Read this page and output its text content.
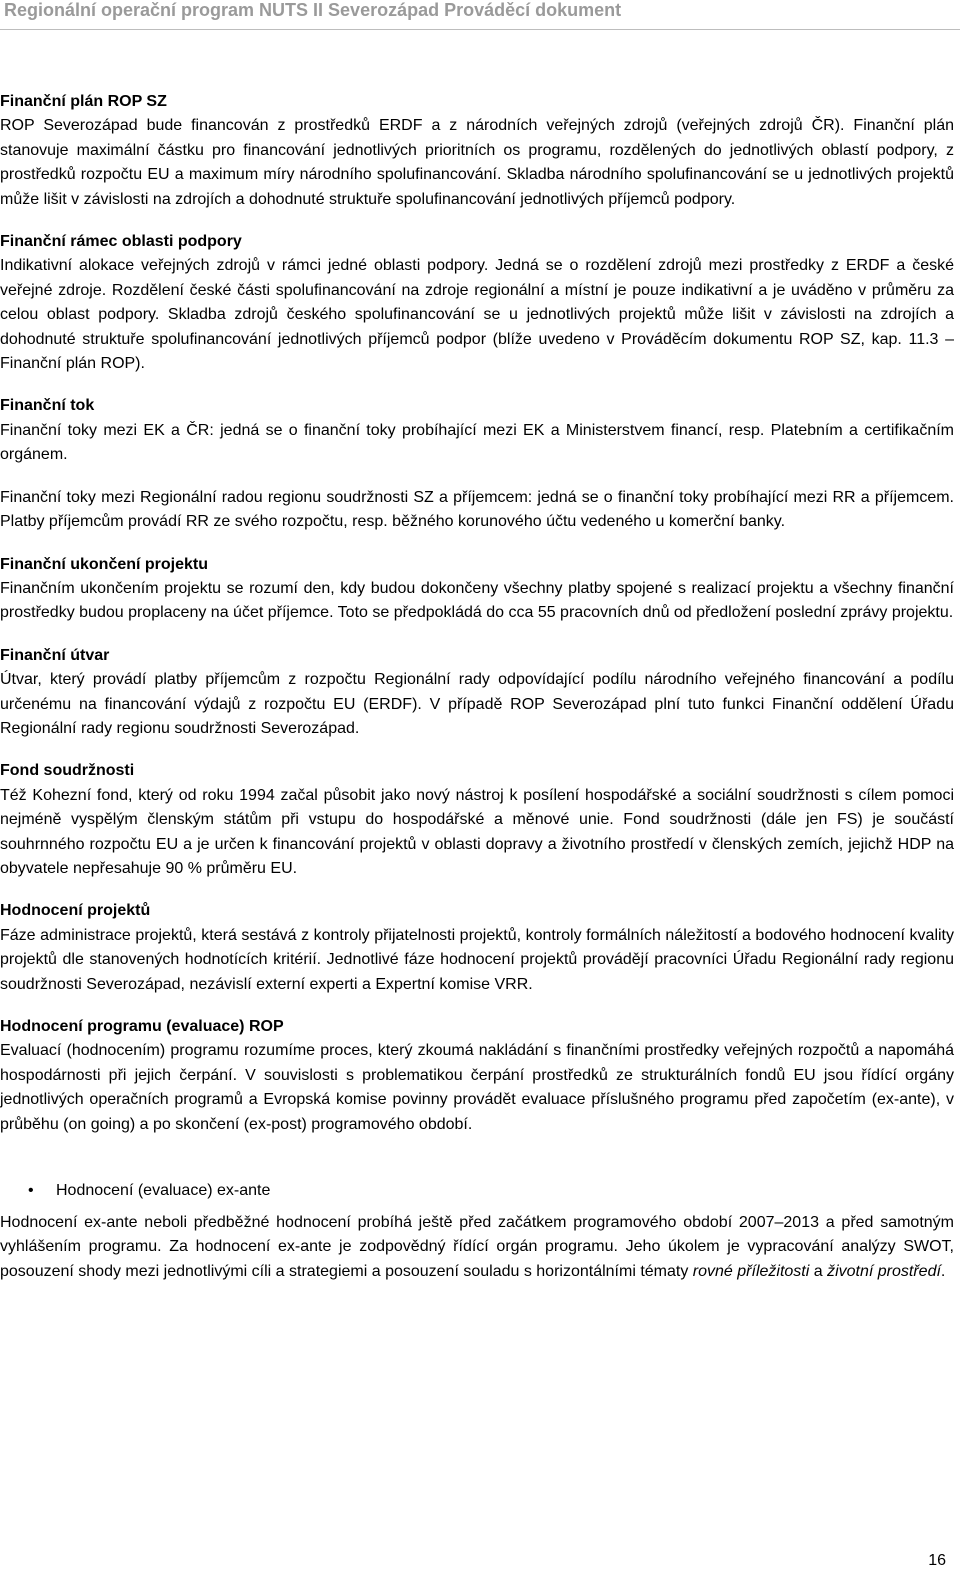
Regionální operační program NUTS II Severozápad Prováděcí dokument
Finanční plán ROP SZ
ROP Severozápad bude financován z prostředků ERDF a z národních veřejných zdrojů (veřejných zdrojů ČR). Finanční plán stanovuje maximální částku pro financování jednotlivých prioritních os programu, rozdělených do jednotlivých oblastí podpory, z prostředků rozpočtu EU a maximum míry národního spolufinancování. Skladba národního spolufinancování se u jednotlivých projektů může lišit v závislosti na zdrojích a dohodnuté struktuře spolufinancování jednotlivých příjemců podpory.
Finanční rámec oblasti podpory
Indikativní alokace veřejných zdrojů v rámci jedné oblasti podpory. Jedná se o rozdělení zdrojů mezi prostředky z ERDF a české veřejné zdroje. Rozdělení české části spolufinancování na zdroje regionální a místní je pouze indikativní a je uváděno v průměru za celou oblast podpory. Skladba zdrojů českého spolufinancování se u jednotlivých projektů může lišit v závislosti na zdrojích a dohodnuté struktuře spolufinancování jednotlivých příjemců podpor (blíže uvedeno v Prováděcím dokumentu ROP SZ, kap. 11.3 – Finanční plán ROP).
Finanční tok
Finanční toky mezi EK a ČR: jedná se o finanční toky probíhající mezi EK a Ministerstvem financí, resp. Platebním a certifikačním orgánem.
Finanční toky mezi Regionální radou regionu soudržnosti SZ a příjemcem: jedná se o finanční toky probíhající mezi RR a příjemcem. Platby příjemcům provádí RR ze svého rozpočtu, resp. běžného korunového účtu vedeného u komerční banky.
Finanční ukončení projektu
Finančním ukončením projektu se rozumí den, kdy budou dokončeny všechny platby spojené s realizací projektu a všechny finanční prostředky budou proplaceny na účet příjemce. Toto se předpokládá do cca 55 pracovních dnů od předložení poslední zprávy projektu.
Finanční útvar
Útvar, který provádí platby příjemcům z rozpočtu Regionální rady odpovídající podílu národního veřejného financování a podílu určenému na financování výdajů z rozpočtu EU (ERDF). V případě ROP Severozápad plní tuto funkci Finanční oddělení Úřadu Regionální rady regionu soudržnosti Severozápad.
Fond soudržnosti
Též Kohezní fond, který od roku 1994 začal působit jako nový nástroj k posílení hospodářské a sociální soudržnosti s cílem pomoci nejméně vyspělým členským státům při vstupu do hospodářské a měnové unie. Fond soudržnosti (dále jen FS) je součástí souhrnného rozpočtu EU a je určen k financování projektů v oblasti dopravy a životního prostředí v členských zemích, jejichž HDP na obyvatele nepřesahuje 90 % průměru EU.
Hodnocení projektů
Fáze administrace projektů, která sestává z kontroly přijatelnosti projektů, kontroly formálních náležitostí a bodového hodnocení kvality projektů dle stanovených hodnotících kritérií. Jednotlivé fáze hodnocení projektů provádějí pracovníci Úřadu Regionální rady regionu soudržnosti Severozápad, nezávislí externí experti a Expertní komise VRR.
Hodnocení programu (evaluace) ROP
Evaluací (hodnocením) programu rozumíme proces, který zkoumá nakládání s finančními prostředky veřejných rozpočtů a napomáhá hospodárnosti při jejich čerpání. V souvislosti s problematikou čerpání prostředků ze strukturálních fondů EU jsou řídící orgány jednotlivých operačních programů a Evropská komise povinny provádět evaluace příslušného programu před započetím (ex-ante), v průběhu (on going) a po skončení (ex-post) programového období.
•	Hodnocení (evaluace) ex-ante
Hodnocení ex-ante neboli předběžné hodnocení probíhá ještě před začátkem programového období 2007–2013 a před samotným vyhlášením programu. Za hodnocení ex-ante je zodpovědný řídící orgán programu. Jeho úkolem je vypracování analýzy SWOT, posouzení shody mezi jednotlivými cíli a strategiemi a posouzení souladu s horizontálními tématy rovné příležitosti a životní prostředí.
16
